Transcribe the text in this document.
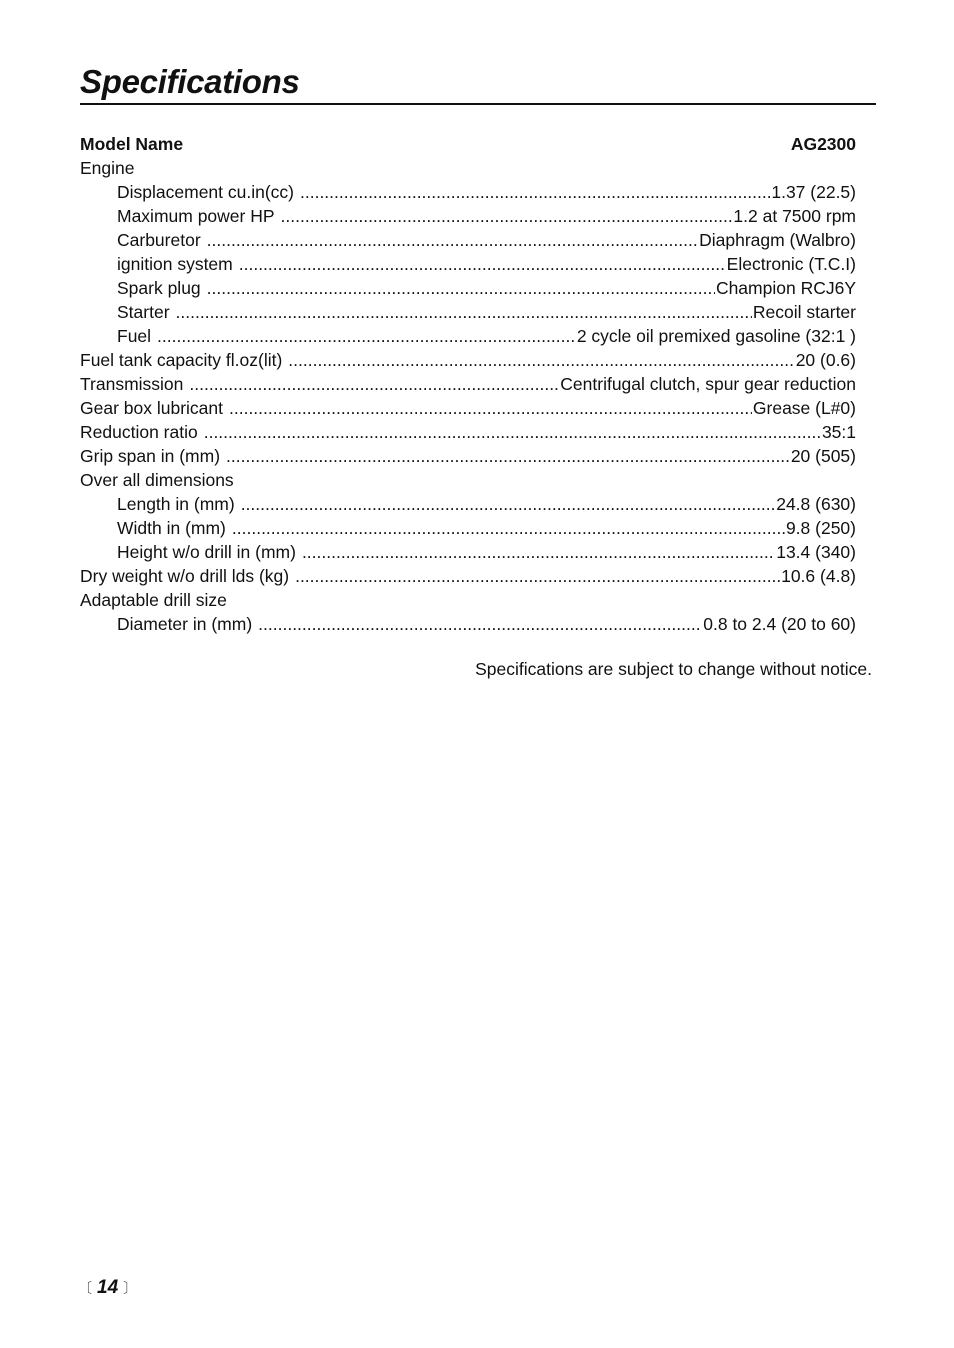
Specifications
Model Name	AG2300
Engine
Displacement cu.in(cc) .....	1.37 (22.5)
Maximum power HP .....	1.2 at 7500 rpm
Carburetor .....	Diaphragm (Walbro)
ignition system .....	Electronic (T.C.I)
Spark plug .....	Champion RCJ6Y
Starter .....	Recoil starter
Fuel .....	2 cycle oil premixed gasoline (32:1 )
Fuel tank capacity fl.oz(lit) .....	20 (0.6)
Transmission .....	Centrifugal clutch, spur gear reduction
Gear box lubricant .....	Grease (L#0)
Reduction ratio .....	35:1
Grip span in (mm) .....	20 (505)
Over all dimensions
Length in (mm) .....	24.8 (630)
Width in (mm) .....	9.8 (250)
Height w/o drill in (mm) .....	13.4 (340)
Dry weight w/o drill lds (kg) .....	10.6 (4.8)
Adaptable drill size
Diameter in (mm) .....	0.8 to 2.4 (20 to 60)
Specifications are subject to change without notice.
〔 14 〕
